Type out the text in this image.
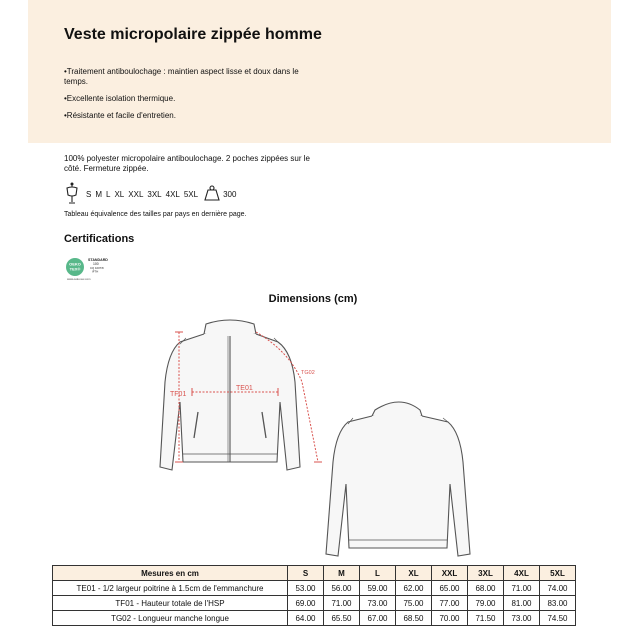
Veste micropolaire zippée homme
•Traitement antiboulochage : maintien aspect lisse et doux dans le temps.
•Excellente isolation thermique.
•Résistante et facile d'entretien.
100% polyester micropolaire antiboulochage. 2 poches zippées sur le côté. Fermeture zippée.
S M L XL XXL 3XL 4XL 5XL	300
Tableau équivalence des tailles par pays en dernière page.
Certifications
OEKO
TEX®
STANDARD
100
CQ 1007/8
IFTH
www.oeko-tex.com
Dimensions (cm)
TF01
TE01
TG02
Mesures en cm	S	M	L	XL	XXL	3XL	4XL	5XL
TE01 - 1/2 largeur poitrine à 1.5cm de l'emmanchure	53.00	56.00	59.00	62.00	65.00	68.00	71.00	74.00
TF01 - Hauteur totale de l'HSP	69.00	71.00	73.00	75.00	77.00	79.00	81.00	83.00
TG02 - Longueur manche longue	64.00	65.50	67.00	68.50	70.00	71.50	73.00	74.50
